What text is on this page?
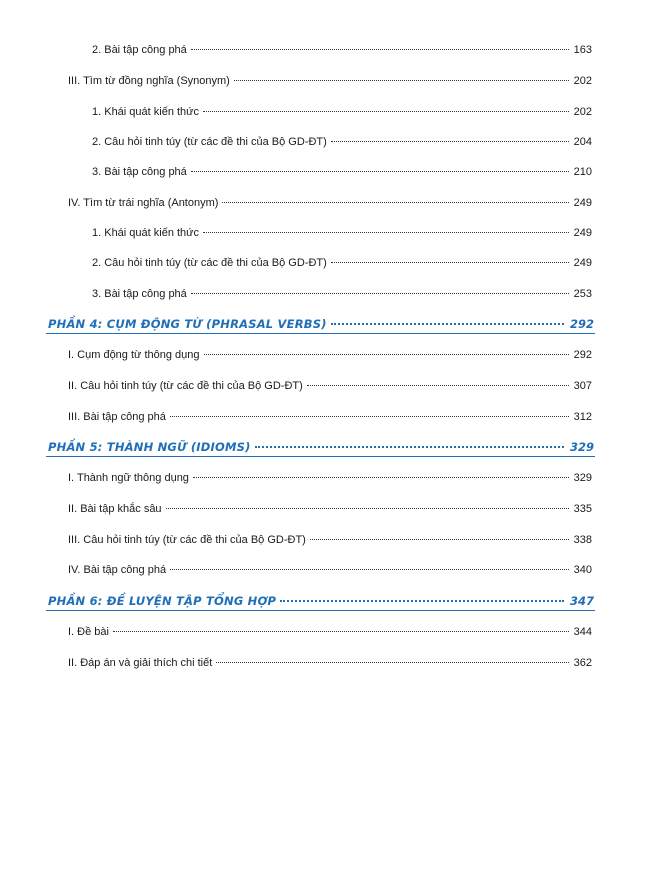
2. Bài tập công phá	163
III. Tìm từ đồng nghĩa (Synonym)	202
1. Khái quát kiến thức	202
2. Câu hỏi tinh túy (từ các đề thi của Bộ GD-ĐT)	204
3. Bài tập công phá	210
IV. Tìm từ trái nghĩa (Antonym)	249
1. Khái quát kiến thức	249
2. Câu hỏi tinh túy (từ các đề thi của Bộ GD-ĐT)	249
3. Bài tập công phá	253
PHẦN 4: CỤM ĐỘNG TỪ (PHRASAL VERBS)	292
I. Cụm động từ thông dụng	292
II. Câu hỏi tinh túy (từ các đề thi của Bộ GD-ĐT)	307
III. Bài tập công phá	312
PHẦN 5: THÀNH NGỮ (IDIOMS)	329
I. Thành ngữ thông dụng	329
II. Bài tập khắc sâu	335
III. Câu hỏi tinh túy (từ các đề thi của Bộ GD-ĐT)	338
IV. Bài tập công phá	340
PHẦN 6: ĐỀ LUYỆN TẬP TỔNG HỢP	347
I. Đề bài	344
II. Đáp án và giải thích chi tiết	362
